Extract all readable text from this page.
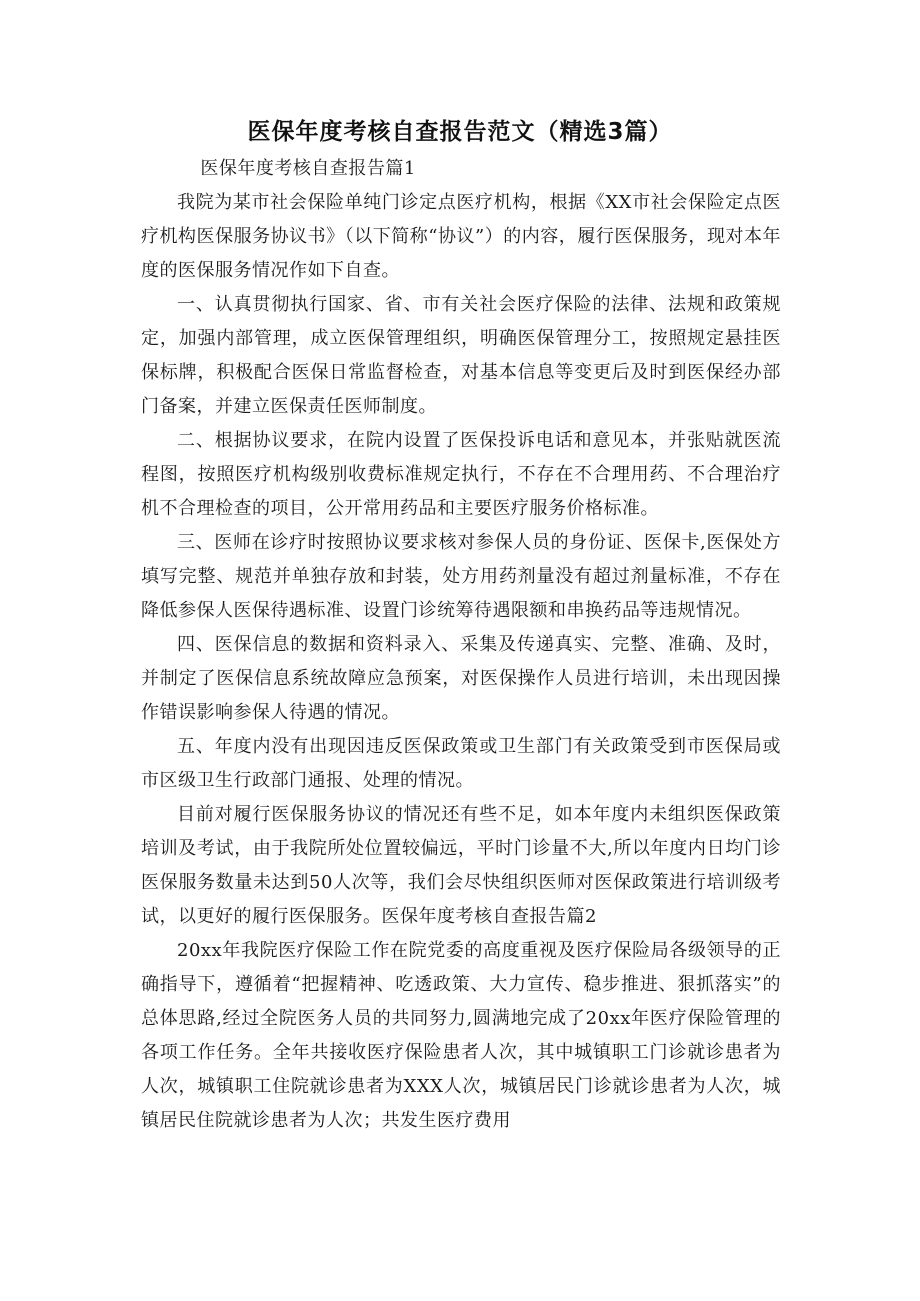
医保年度考核自查报告范文（精选3篇）

医保年度考核自查报告篇1

我院为某市社会保险单纯门诊定点医疗机构，根据《XX市社会保险定点医疗机构医保服务协议书》（以下简称“协议”）的内容，履行医保服务，现对本年度的医保服务情况作如下自查。

一、认真贯彻执行国家、省、市有关社会医疗保险的法律、法规和政策规定，加强内部管理，成立医保管理组织，明确医保管理分工，按照规定悬挂医保标牌，积极配合医保日常监督检查，对基本信息等变更后及时到医保经办部门备案，并建立医保责任医师制度。

二、根据协议要求，在院内设置了医保投诉电话和意见本，并张贴就医流程图，按照医疗机构级别收费标准规定执行，不存在不合理用药、不合理治疗机不合理检查的项目，公开常用药品和主要医疗服务价格标准。

三、医师在诊疗时按照协议要求核对参保人员的身份证、医保卡,医保处方填写完整、规范并单独存放和封装，处方用药剂量没有超过剂量标准，不存在降低参保人医保待遇标准、设置门诊统筹待遇限额和串换药品等违规情况。

四、医保信息的数据和资料录入、采集及传递真实、完整、准确、及时，并制定了医保信息系统故障应急预案，对医保操作人员进行培训，未出现因操作错误影响参保人待遇的情况。

五、年度内没有出现因违反医保政策或卫生部门有关政策受到市医保局或市区级卫生行政部门通报、处理的情况。

目前对履行医保服务协议的情况还有些不足，如本年度内未组织医保政策培训及考试，由于我院所处位置较偏远，平时门诊量不大,所以年度内日均门诊医保服务数量未达到50人次等，我们会尽快组织医师对医保政策进行培训级考试，以更好的履行医保服务。医保年度考核自查报告篇2

20xx年我院医疗保险工作在院党委的高度重视及医疗保险局各级领导的正确指导下，遵循着“把握精神、吃透政策、大力宣传、稳步推进、狠抓落实”的总体思路,经过全院医务人员的共同努力,圆满地完成了20xx年医疗保险管理的各项工作任务。全年共接收医疗保险患者人次，其中城镇职工门诊就诊患者为人次，城镇职工住院就诊患者为XXX人次，城镇居民门诊就诊患者为人次，城镇居民住院就诊患者为人次；共发生医疗费用
